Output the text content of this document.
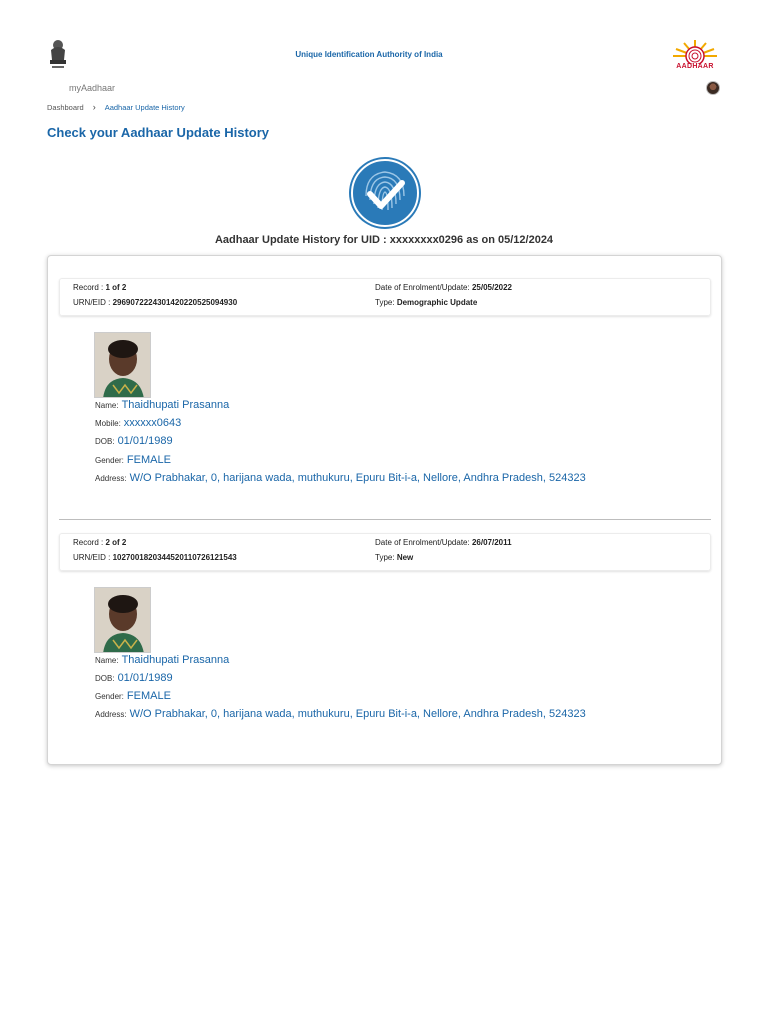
Unique Identification Authority of India
AADHAAR
myAadhaar
Dashboard › Aadhaar Update History
Check your Aadhaar Update History
Aadhaar Update History for UID : xxxxxxxx0296 as on 05/12/2024
Record : 1 of 2
URN/EID : 2969072224301420220525094930
Date of Enrolment/Update: 25/05/2022
Type: Demographic Update
Name: Thaidhupati Prasanna
Mobile: xxxxxx0643
DOB: 01/01/1989
Gender: FEMALE
Address: W/O Prabhakar, 0, harijana wada, muthukuru, Epuru Bit-i-a, Nellore, Andhra Pradesh, 524323
Record : 2 of 2
URN/EID : 1027001820344520110726121543
Date of Enrolment/Update: 26/07/2011
Type: New
Name: Thaidhupati Prasanna
DOB: 01/01/1989
Gender: FEMALE
Address: W/O Prabhakar, 0, harijana wada, muthukuru, Epuru Bit-i-a, Nellore, Andhra Pradesh, 524323
